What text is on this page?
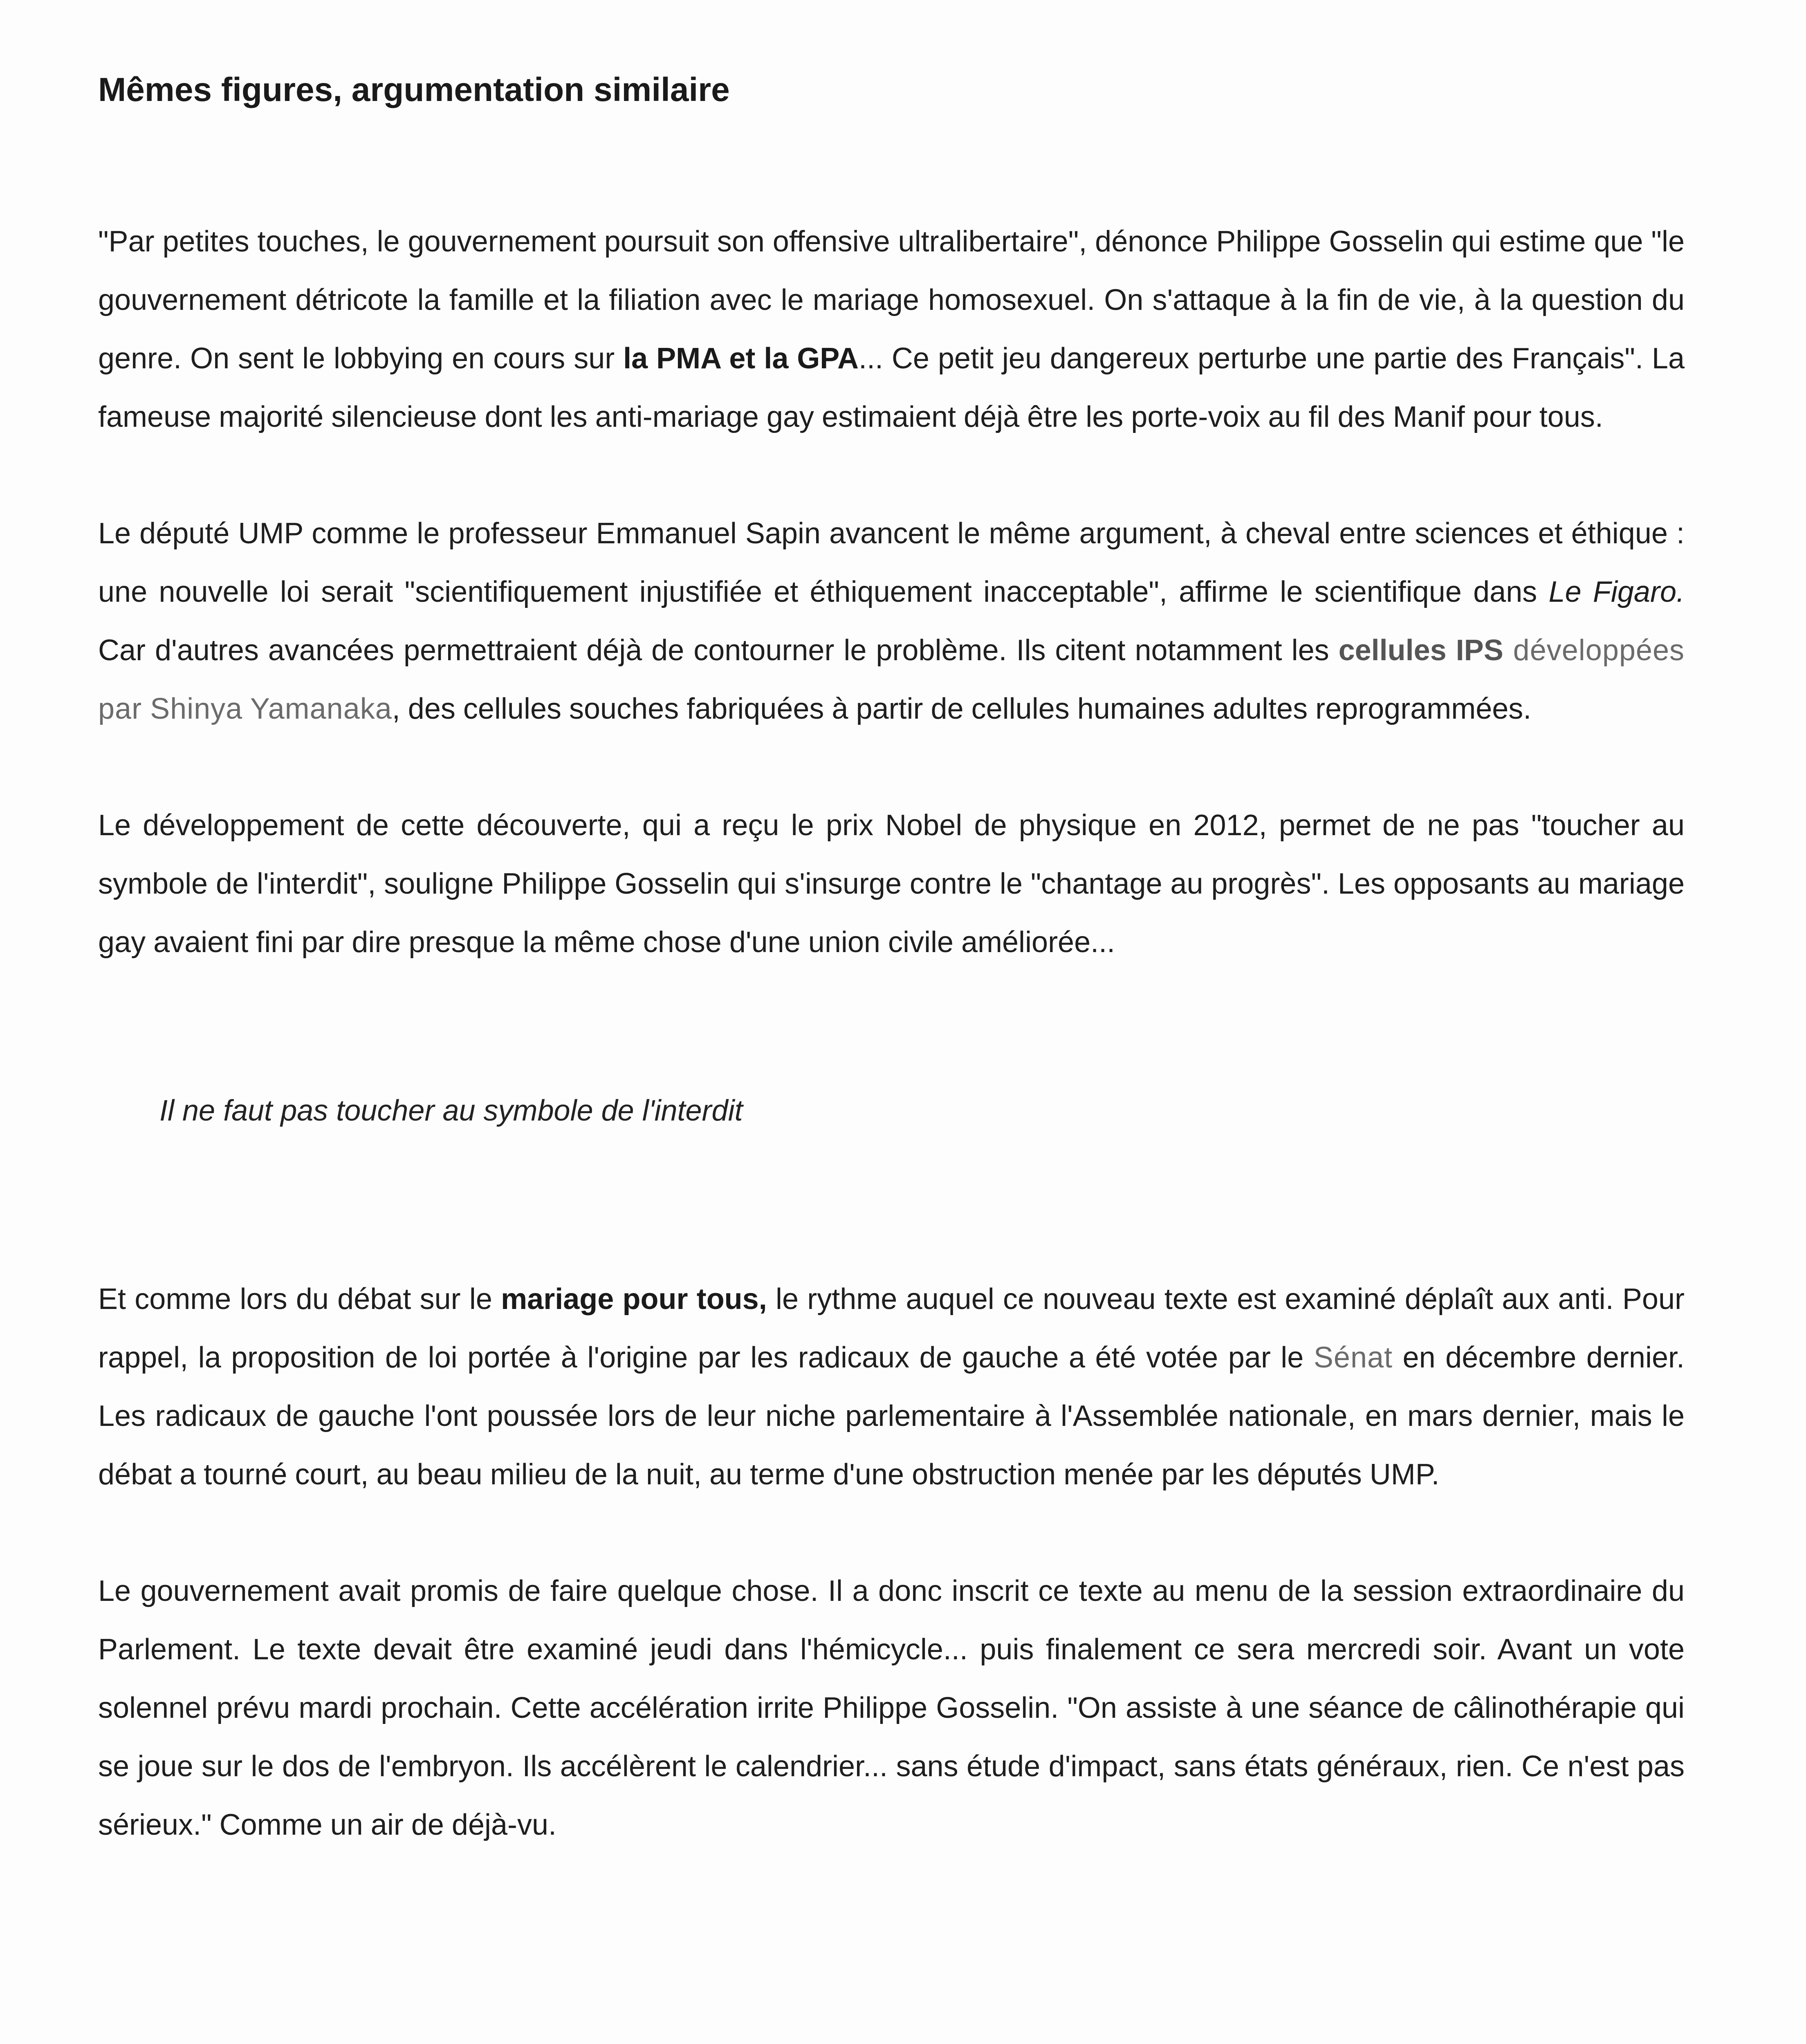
Mêmes figures, argumentation similaire

"Par petites touches, le gouvernement poursuit son offensive ultralibertaire", dénonce Philippe Gosselin qui estime que "le gouvernement détricote la famille et la filiation avec le mariage homosexuel. On s'attaque à la fin de vie, à la question du genre. On sent le lobbying en cours sur la PMA et la GPA... Ce petit jeu dangereux perturbe une partie des Français". La fameuse majorité silencieuse dont les anti-mariage gay estimaient déjà être les porte-voix au fil des Manif pour tous.

Le député UMP comme le professeur Emmanuel Sapin avancent le même argument, à cheval entre sciences et éthique : une nouvelle loi serait "scientifiquement injustifiée et éthiquement inacceptable", affirme le scientifique dans Le Figaro. Car d'autres avancées permettraient déjà de contourner le problème. Ils citent notamment les cellules IPS développées par Shinya Yamanaka, des cellules souches fabriquées à partir de cellules humaines adultes reprogrammées.

Le développement de cette découverte, qui a reçu le prix Nobel de physique en 2012, permet de ne pas "toucher au symbole de l'interdit", souligne Philippe Gosselin qui s'insurge contre le "chantage au progrès". Les opposants au mariage gay avaient fini par dire presque la même chose d'une union civile améliorée...

Il ne faut pas toucher au symbole de l'interdit

Et comme lors du débat sur le mariage pour tous, le rythme auquel ce nouveau texte est examiné déplaît aux anti. Pour rappel, la proposition de loi portée à l'origine par les radicaux de gauche a été votée par le Sénat en décembre dernier. Les radicaux de gauche l'ont poussée lors de leur niche parlementaire à l'Assemblée nationale, en mars dernier, mais le débat a tourné court, au beau milieu de la nuit, au terme d'une obstruction menée par les députés UMP.

Le gouvernement avait promis de faire quelque chose. Il a donc inscrit ce texte au menu de la session extraordinaire du Parlement. Le texte devait être examiné jeudi dans l'hémicycle... puis finalement ce sera mercredi soir. Avant un vote solennel prévu mardi prochain. Cette accélération irrite Philippe Gosselin. "On assiste à une séance de câlinothérapie qui se joue sur le dos de l'embryon. Ils accélèrent le calendrier... sans étude d'impact, sans états généraux, rien. Ce n'est pas sérieux." Comme un air de déjà-vu.
